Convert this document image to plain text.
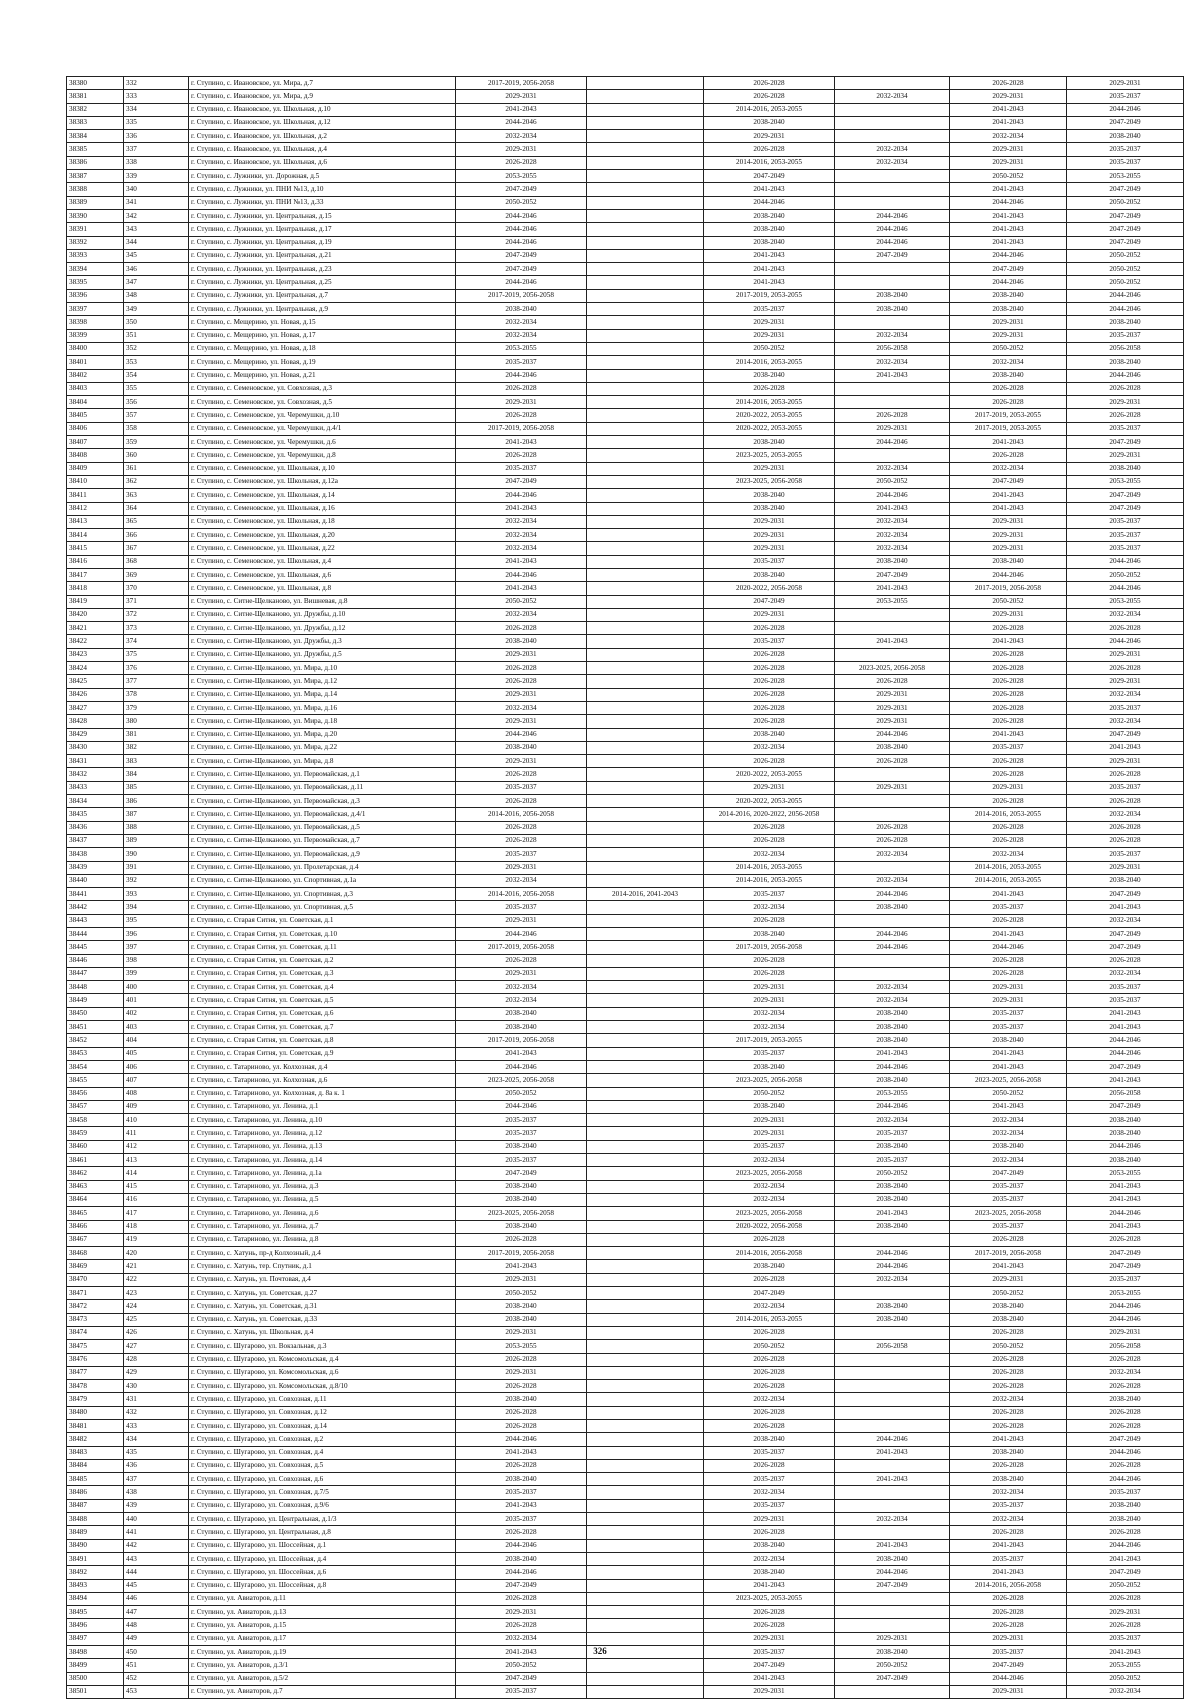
38380	332	г. Ступино, с. Ивановское, ул. Мира, д.7	2017-2019, 2056-2058		2026-2028		2026-2028	2029-2031
38381	333	г. Ступино, с. Ивановское, ул. Мира, д.9	2029-2031		2026-2028	2032-2034	2029-2031	2035-2037
38382	334	г. Ступино, с. Ивановское, ул. Школьная, д.10	2041-2043		2014-2016, 2053-2055		2041-2043	2044-2046
38383	335	г. Ступино, с. Ивановское, ул. Школьная, д.12	2044-2046		2038-2040		2041-2043	2047-2049
38384	336	г. Ступино, с. Ивановское, ул. Школьная, д.2	2032-2034		2029-2031		2032-2034	2038-2040
38385	337	г. Ступино, с. Ивановское, ул. Школьная, д.4	2029-2031		2026-2028	2032-2034	2029-2031	2035-2037
38386	338	г. Ступино, с. Ивановское, ул. Школьная, д.6	2026-2028		2014-2016, 2053-2055	2032-2034	2029-2031	2035-2037
38387	339	г. Ступино, с. Лужники, ул. Дорожная, д.5	2053-2055		2047-2049		2050-2052	2053-2055
38388	340	г. Ступино, с. Лужники, ул. ПНИ №13, д.10	2047-2049		2041-2043		2041-2043	2047-2049
38389	341	г. Ступино, с. Лужники, ул. ПНИ №13, д.33	2050-2052		2044-2046		2044-2046	2050-2052
38390	342	г. Ступино, с. Лужники, ул. Центральная, д.15	2044-2046		2038-2040	2044-2046	2041-2043	2047-2049
38391	343	г. Ступино, с. Лужники, ул. Центральная, д.17	2044-2046		2038-2040	2044-2046	2041-2043	2047-2049
38392	344	г. Ступино, с. Лужники, ул. Центральная, д.19	2044-2046		2038-2040	2044-2046	2041-2043	2047-2049
38393	345	г. Ступино, с. Лужники, ул. Центральная, д.21	2047-2049		2041-2043	2047-2049	2044-2046	2050-2052
38394	346	г. Ступино, с. Лужники, ул. Центральная, д.23	2047-2049		2041-2043		2047-2049	2050-2052
38395	347	г. Ступино, с. Лужники, ул. Центральная, д.25	2044-2046		2041-2043		2044-2046	2050-2052
38396	348	г. Ступино, с. Лужники, ул. Центральная, д.7	2017-2019, 2056-2058		2017-2019, 2053-2055	2038-2040	2038-2040	2044-2046
38397	349	г. Ступино, с. Лужники, ул. Центральная, д.9	2038-2040		2035-2037	2038-2040	2038-2040	2044-2046
38398	350	г. Ступино, с. Мещерино, ул. Новая, д.15	2032-2034		2029-2031		2029-2031	2038-2040
38399	351	г. Ступино, с. Мещерино, ул. Новая, д.17	2032-2034		2029-2031	2032-2034	2029-2031	2035-2037
38400	352	г. Ступино, с. Мещерино, ул. Новая, д.18	2053-2055		2050-2052	2056-2058	2050-2052	2056-2058
38401	353	г. Ступино, с. Мещерино, ул. Новая, д.19	2035-2037		2014-2016, 2053-2055	2032-2034	2032-2034	2038-2040
38402	354	г. Ступино, с. Мещерино, ул. Новая, д.21	2044-2046		2038-2040	2041-2043	2038-2040	2044-2046
38403	355	г. Ступино, с. Семеновское, ул. Совхозная, д.3	2026-2028		2026-2028		2026-2028	2026-2028
38404	356	г. Ступино, с. Семеновское, ул. Совхозная, д.5	2029-2031		2014-2016, 2053-2055		2026-2028	2029-2031
38405	357	г. Ступино, с. Семеновское, ул. Черемушки, д.10	2026-2028		2020-2022, 2053-2055	2026-2028	2017-2019, 2053-2055	2026-2028
38406	358	г. Ступино, с. Семеновское, ул. Черемушки, д.4/1	2017-2019, 2056-2058		2020-2022, 2053-2055	2029-2031	2017-2019, 2053-2055	2035-2037
38407	359	г. Ступино, с. Семеновское, ул. Черемушки, д.6	2041-2043		2038-2040	2044-2046	2041-2043	2047-2049
38408	360	г. Ступино, с. Семеновское, ул. Черемушки, д.8	2026-2028		2023-2025, 2053-2055		2026-2028	2029-2031
38409	361	г. Ступино, с. Семеновское, ул. Школьная, д.10	2035-2037		2029-2031	2032-2034	2032-2034	2038-2040
38410	362	г. Ступино, с. Семеновское, ул. Школьная, д.12а	2047-2049		2023-2025, 2056-2058	2050-2052	2047-2049	2053-2055
38411	363	г. Ступино, с. Семеновское, ул. Школьная, д.14	2044-2046		2038-2040	2044-2046	2041-2043	2047-2049
38412	364	г. Ступино, с. Семеновское, ул. Школьная, д.16	2041-2043		2038-2040	2041-2043	2041-2043	2047-2049
38413	365	г. Ступино, с. Семеновское, ул. Школьная, д.18	2032-2034		2029-2031	2032-2034	2029-2031	2035-2037
38414	366	г. Ступино, с. Семеновское, ул. Школьная, д.20	2032-2034		2029-2031	2032-2034	2029-2031	2035-2037
38415	367	г. Ступино, с. Семеновское, ул. Школьная, д.22	2032-2034		2029-2031	2032-2034	2029-2031	2035-2037
38416	368	г. Ступино, с. Семеновское, ул. Школьная, д.4	2041-2043		2035-2037	2038-2040	2038-2040	2044-2046
38417	369	г. Ступино, с. Семеновское, ул. Школьная, д.6	2044-2046		2038-2040	2047-2049	2044-2046	2050-2052
38418	370	г. Ступино, с. Семеновское, ул. Школьная, д.8	2041-2043		2020-2022, 2056-2058	2041-2043	2017-2019, 2056-2058	2044-2046
38419	371	г. Ступино, с. Ситне-Щелканово, ул. Вишневая, д.8	2050-2052		2047-2049	2053-2055	2050-2052	2053-2055
38420	372	г. Ступино, с. Ситне-Щелканово, ул. Дружбы, д.10	2032-2034		2029-2031		2029-2031	2032-2034
38421	373	г. Ступино, с. Ситне-Щелканово, ул. Дружбы, д.12	2026-2028		2026-2028		2026-2028	2026-2028
38422	374	г. Ступино, с. Ситне-Щелканово, ул. Дружбы, д.3	2038-2040		2035-2037	2041-2043	2041-2043	2044-2046
38423	375	г. Ступино, с. Ситне-Щелканово, ул. Дружбы, д.5	2029-2031		2026-2028		2026-2028	2029-2031
38424	376	г. Ступино, с. Ситне-Щелканово, ул. Мира, д.10	2026-2028		2026-2028	2023-2025, 2056-2058	2026-2028	2026-2028
38425	377	г. Ступино, с. Ситне-Щелканово, ул. Мира, д.12	2026-2028		2026-2028	2026-2028	2026-2028	2029-2031
38426	378	г. Ступино, с. Ситне-Щелканово, ул. Мира, д.14	2029-2031		2026-2028	2029-2031	2026-2028	2032-2034
38427	379	г. Ступино, с. Ситне-Щелканово, ул. Мира, д.16	2032-2034		2026-2028	2029-2031	2026-2028	2035-2037
38428	380	г. Ступино, с. Ситне-Щелканово, ул. Мира, д.18	2029-2031		2026-2028	2029-2031	2026-2028	2032-2034
38429	381	г. Ступино, с. Ситне-Щелканово, ул. Мира, д.20	2044-2046		2038-2040	2044-2046	2041-2043	2047-2049
38430	382	г. Ступино, с. Ситне-Щелканово, ул. Мира, д.22	2038-2040		2032-2034	2038-2040	2035-2037	2041-2043
38431	383	г. Ступино, с. Ситне-Щелканово, ул. Мира, д.8	2029-2031		2026-2028	2026-2028	2026-2028	2029-2031
38432	384	г. Ступино, с. Ситне-Щелканово, ул. Первомайская, д.1	2026-2028		2020-2022, 2053-2055		2026-2028	2026-2028
38433	385	г. Ступино, с. Ситне-Щелканово, ул. Первомайская, д.11	2035-2037		2029-2031	2029-2031	2029-2031	2035-2037
38434	386	г. Ступино, с. Ситне-Щелканово, ул. Первомайская, д.3	2026-2028		2020-2022, 2053-2055		2026-2028	2026-2028
38435	387	г. Ступино, с. Ситне-Щелканово, ул. Первомайская, д.4/1	2014-2016, 2056-2058		2014-2016, 2020-2022, 2056-2058		2014-2016, 2053-2055	2032-2034
38436	388	г. Ступино, с. Ситне-Щелканово, ул. Первомайская, д.5	2026-2028		2026-2028	2026-2028	2026-2028	2026-2028
38437	389	г. Ступино, с. Ситне-Щелканово, ул. Первомайская, д.7	2026-2028		2026-2028	2026-2028	2026-2028	2026-2028
38438	390	г. Ступино, с. Ситне-Щелканово, ул. Первомайская, д.9	2035-2037		2032-2034	2032-2034	2032-2034	2035-2037
38439	391	г. Ступино, с. Ситне-Щелканово, ул. Пролетарская, д.4	2029-2031		2014-2016, 2053-2055		2014-2016, 2053-2055	2029-2031
38440	392	г. Ступино, с. Ситне-Щелканово, ул. Спортивная, д.1а	2032-2034		2014-2016, 2053-2055	2032-2034	2014-2016, 2053-2055	2038-2040
38441	393	г. Ступино, с. Ситне-Щелканово, ул. Спортивная, д.3	2014-2016, 2056-2058	2014-2016, 2041-2043	2035-2037	2044-2046	2041-2043	2047-2049
38442	394	г. Ступино, с. Ситне-Щелканово, ул. Спортивная, д.5	2035-2037		2032-2034	2038-2040	2035-2037	2041-2043
38443	395	г. Ступино, с. Старая Ситня, ул. Советская, д.1	2029-2031		2026-2028		2026-2028	2032-2034
38444	396	г. Ступино, с. Старая Ситня, ул. Советская, д.10	2044-2046		2038-2040	2044-2046	2041-2043	2047-2049
38445	397	г. Ступино, с. Старая Ситня, ул. Советская, д.11	2017-2019, 2056-2058		2017-2019, 2056-2058	2044-2046	2044-2046	2047-2049
38446	398	г. Ступино, с. Старая Ситня, ул. Советская, д.2	2026-2028		2026-2028		2026-2028	2026-2028
38447	399	г. Ступино, с. Старая Ситня, ул. Советская, д.3	2029-2031		2026-2028		2026-2028	2032-2034
38448	400	г. Ступино, с. Старая Ситня, ул. Советская, д.4	2032-2034		2029-2031	2032-2034	2029-2031	2035-2037
38449	401	г. Ступино, с. Старая Ситня, ул. Советская, д.5	2032-2034		2029-2031	2032-2034	2029-2031	2035-2037
38450	402	г. Ступино, с. Старая Ситня, ул. Советская, д.6	2038-2040		2032-2034	2038-2040	2035-2037	2041-2043
38451	403	г. Ступино, с. Старая Ситня, ул. Советская, д.7	2038-2040		2032-2034	2038-2040	2035-2037	2041-2043
38452	404	г. Ступино, с. Старая Ситня, ул. Советская, д.8	2017-2019, 2056-2058		2017-2019, 2053-2055	2038-2040	2038-2040	2044-2046
38453	405	г. Ступино, с. Старая Ситня, ул. Советская, д.9	2041-2043		2035-2037	2041-2043	2041-2043	2044-2046
38454	406	г. Ступино, с. Татариново, ул. Колхозная, д.4	2044-2046		2038-2040	2044-2046	2041-2043	2047-2049
38455	407	г. Ступино, с. Татариново, ул. Колхозная, д.6	2023-2025, 2056-2058		2023-2025, 2056-2058	2038-2040	2023-2025, 2056-2058	2041-2043
38456	408	г. Ступино, с. Татариново, ул. Колхозная, д. 8а к. 1	2050-2052		2050-2052	2053-2055	2050-2052	2056-2058
38457	409	г. Ступино, с. Татариново, ул. Ленина, д.1	2044-2046		2038-2040	2044-2046	2041-2043	2047-2049
38458	410	г. Ступино, с. Татариново, ул. Ленина, д.10	2035-2037		2029-2031	2032-2034	2032-2034	2038-2040
38459	411	г. Ступино, с. Татариново, ул. Ленина, д.12	2035-2037		2029-2031	2035-2037	2032-2034	2038-2040
38460	412	г. Ступино, с. Татариново, ул. Ленина, д.13	2038-2040		2035-2037	2038-2040	2038-2040	2044-2046
38461	413	г. Ступино, с. Татариново, ул. Ленина, д.14	2035-2037		2032-2034	2035-2037	2032-2034	2038-2040
38462	414	г. Ступино, с. Татариново, ул. Ленина, д.1а	2047-2049		2023-2025, 2056-2058	2050-2052	2047-2049	2053-2055
38463	415	г. Ступино, с. Татариново, ул. Ленина, д.3	2038-2040		2032-2034	2038-2040	2035-2037	2041-2043
38464	416	г. Ступино, с. Татариново, ул. Ленина, д.5	2038-2040		2032-2034	2038-2040	2035-2037	2041-2043
38465	417	г. Ступино, с. Татариново, ул. Ленина, д.6	2023-2025, 2056-2058		2023-2025, 2056-2058	2041-2043	2023-2025, 2056-2058	2044-2046
38466	418	г. Ступино, с. Татариново, ул. Ленина, д.7	2038-2040		2020-2022, 2056-2058	2038-2040	2035-2037	2041-2043
38467	419	г. Ступино, с. Татариново, ул. Ленина, д.8	2026-2028		2026-2028		2026-2028	2026-2028
38468	420	г. Ступино, с. Хатунь, пр-д Колхозный, д.4	2017-2019, 2056-2058		2014-2016, 2056-2058	2044-2046	2017-2019, 2056-2058	2047-2049
38469	421	г. Ступино, с. Хатунь, тер. Спутник, д.1	2041-2043		2038-2040	2044-2046	2041-2043	2047-2049
38470	422	г. Ступино, с. Хатунь, ул. Почтовая, д.4	2029-2031		2026-2028	2032-2034	2029-2031	2035-2037
38471	423	г. Ступино, с. Хатунь, ул. Советская, д.27	2050-2052		2047-2049		2050-2052	2053-2055
38472	424	г. Ступино, с. Хатунь, ул. Советская, д.31	2038-2040		2032-2034	2038-2040	2038-2040	2044-2046
38473	425	г. Ступино, с. Хатунь, ул. Советская, д.33	2038-2040		2014-2016, 2053-2055	2038-2040	2038-2040	2044-2046
38474	426	г. Ступино, с. Хатунь, ул. Школьная, д.4	2029-2031		2026-2028		2026-2028	2029-2031
38475	427	г. Ступино, с. Шугарово, ул. Вокзальная, д.3	2053-2055		2050-2052	2056-2058	2050-2052	2056-2058
38476	428	г. Ступино, с. Шугарово, ул. Комсомольская, д.4	2026-2028		2026-2028		2026-2028	2026-2028
38477	429	г. Ступино, с. Шугарово, ул. Комсомольская, д.6	2029-2031		2026-2028		2026-2028	2032-2034
38478	430	г. Ступино, с. Шугарово, ул. Комсомольская, д.8/10	2026-2028		2026-2028		2026-2028	2026-2028
38479	431	г. Ступино, с. Шугарово, ул. Совхозная, д.11	2038-2040		2032-2034		2032-2034	2038-2040
38480	432	г. Ступино, с. Шугарово, ул. Совхозная, д.12	2026-2028		2026-2028		2026-2028	2026-2028
38481	433	г. Ступино, с. Шугарово, ул. Совхозная, д.14	2026-2028		2026-2028		2026-2028	2026-2028
38482	434	г. Ступино, с. Шугарово, ул. Совхозная, д.2	2044-2046		2038-2040	2044-2046	2041-2043	2047-2049
38483	435	г. Ступино, с. Шугарово, ул. Совхозная, д.4	2041-2043		2035-2037	2041-2043	2038-2040	2044-2046
38484	436	г. Ступино, с. Шугарово, ул. Совхозная, д.5	2026-2028		2026-2028		2026-2028	2026-2028
38485	437	г. Ступино, с. Шугарово, ул. Совхозная, д.6	2038-2040		2035-2037	2041-2043	2038-2040	2044-2046
38486	438	г. Ступино, с. Шугарово, ул. Совхозная, д.7/5	2035-2037		2032-2034		2032-2034	2035-2037
38487	439	г. Ступино, с. Шугарово, ул. Совхозная, д.9/6	2041-2043		2035-2037		2035-2037	2038-2040
38488	440	г. Ступино, с. Шугарово, ул. Центральная, д.1/3	2035-2037		2029-2031	2032-2034	2032-2034	2038-2040
38489	441	г. Ступино, с. Шугарово, ул. Центральная, д.8	2026-2028		2026-2028		2026-2028	2026-2028
38490	442	г. Ступино, с. Шугарово, ул. Шоссейная, д.1	2044-2046		2038-2040	2041-2043	2041-2043	2044-2046
38491	443	г. Ступино, с. Шугарово, ул. Шоссейная, д.4	2038-2040		2032-2034	2038-2040	2035-2037	2041-2043
38492	444	г. Ступино, с. Шугарово, ул. Шоссейная, д.6	2044-2046		2038-2040	2044-2046	2041-2043	2047-2049
38493	445	г. Ступино, с. Шугарово, ул. Шоссейная, д.8	2047-2049		2041-2043	2047-2049	2014-2016, 2056-2058	2050-2052
38494	446	г. Ступино, ул. Авиаторов, д.11	2026-2028		2023-2025, 2053-2055		2026-2028	2026-2028
38495	447	г. Ступино, ул. Авиаторов, д.13	2029-2031		2026-2028		2026-2028	2029-2031
38496	448	г. Ступино, ул. Авиаторов, д.15	2026-2028		2026-2028		2026-2028	2026-2028
38497	449	г. Ступино, ул. Авиаторов, д.17	2032-2034		2029-2031	2029-2031	2029-2031	2035-2037
38498	450	г. Ступино, ул. Авиаторов, д.19	2041-2043		2035-2037	2038-2040	2035-2037	2041-2043
38499	451	г. Ступино, ул. Авиаторов, д.3/1	2050-2052		2047-2049	2050-2052	2047-2049	2053-2055
38500	452	г. Ступино, ул. Авиаторов, д.5/2	2047-2049		2041-2043	2047-2049	2044-2046	2050-2052
38501	453	г. Ступино, ул. Авиаторов, д.7	2035-2037		2029-2031		2029-2031	2032-2034
326
